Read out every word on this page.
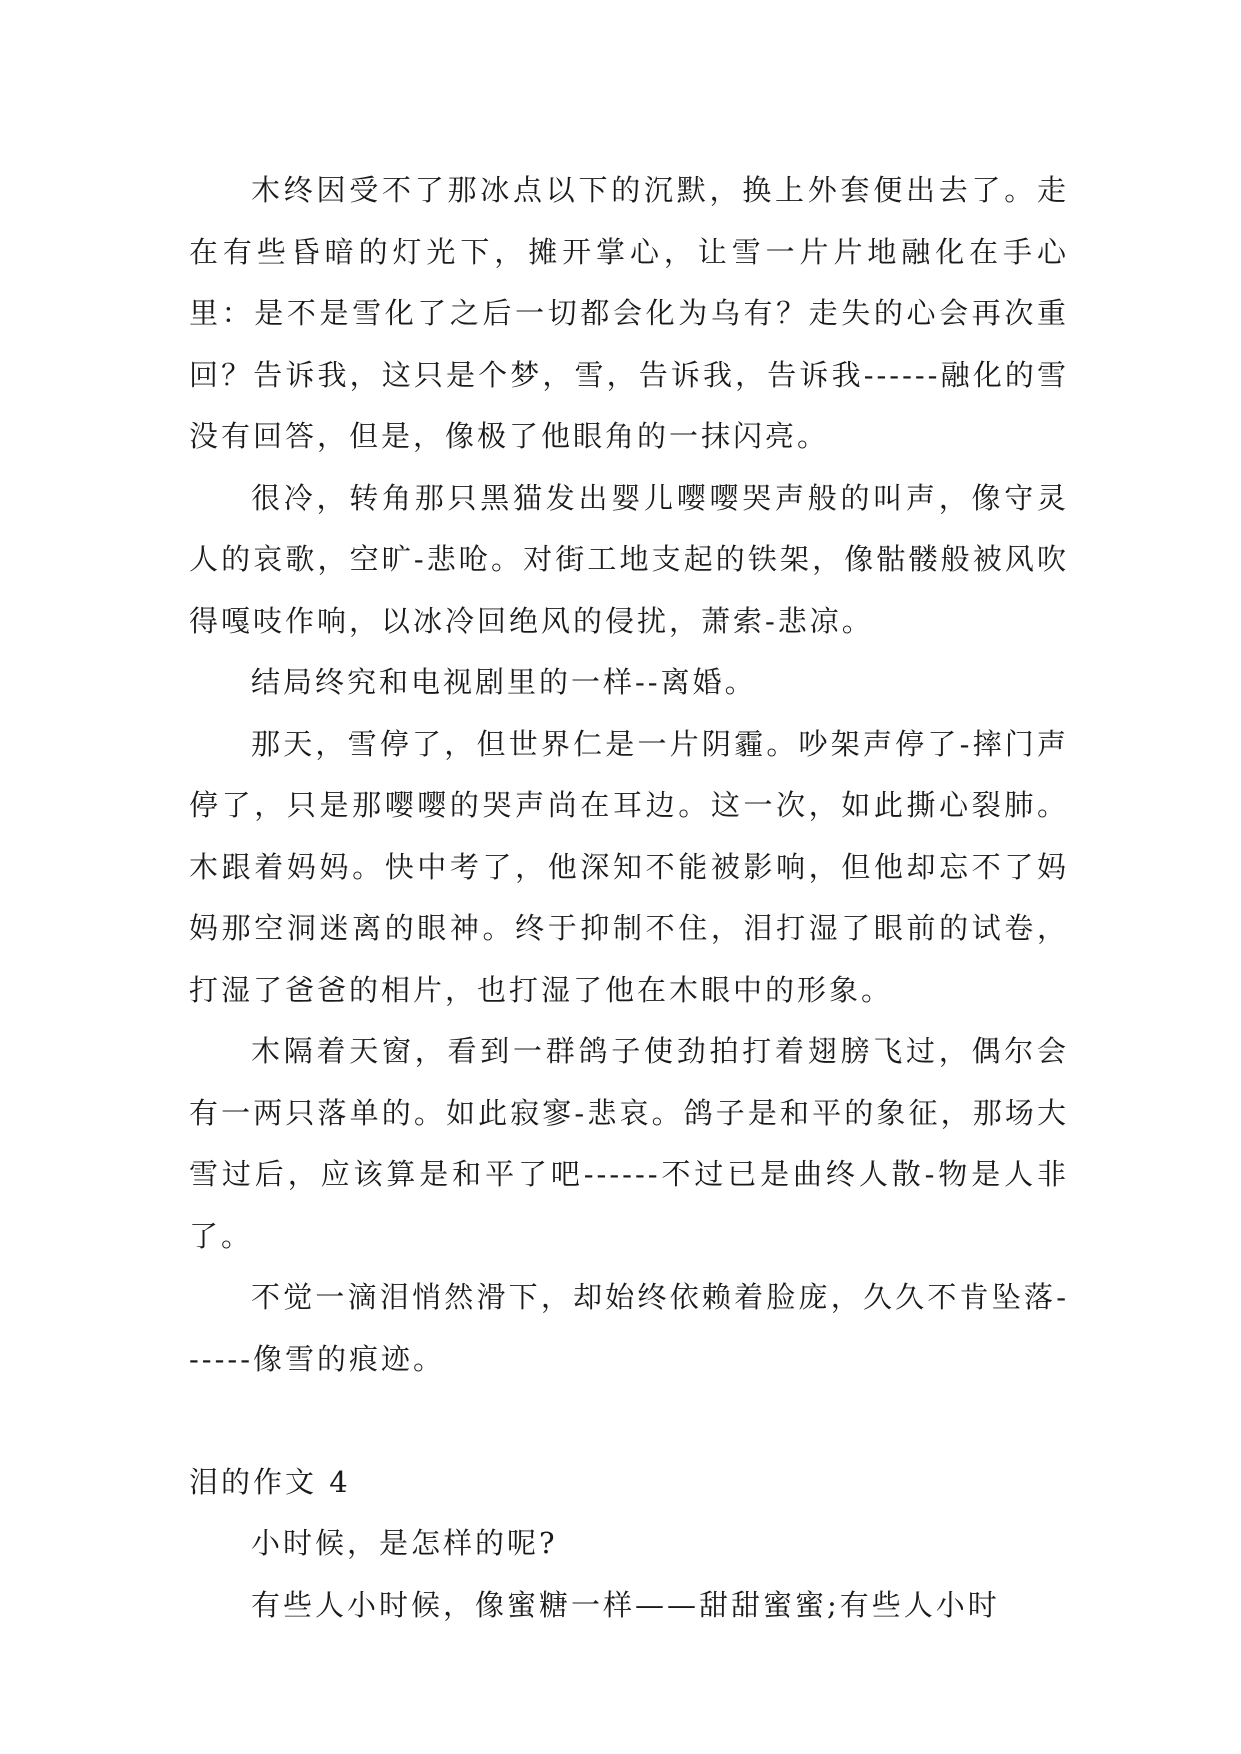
木终因受不了那冰点以下的沉默，换上外套便出去了。走在有些昏暗的灯光下，摊开掌心，让雪一片片地融化在手心里：是不是雪化了之后一切都会化为乌有？走失的心会再次重回？告诉我，这只是个梦，雪，告诉我，告诉我------融化的雪没有回答，但是，像极了他眼角的一抹闪亮。

很冷，转角那只黑猫发出婴儿嘤嘤哭声般的叫声，像守灵人的哀歌，空旷-悲呛。对街工地支起的铁架，像骷髅般被风吹得嘎吱作响，以冰冷回绝风的侵扰，萧索-悲凉。

结局终究和电视剧里的一样--离婚。

那天，雪停了，但世界仁是一片阴霾。吵架声停了-摔门声停了，只是那嘤嘤的哭声尚在耳边。这一次，如此撕心裂肺。木跟着妈妈。快中考了，他深知不能被影响，但他却忘不了妈妈那空洞迷离的眼神。终于抑制不住，泪打湿了眼前的试卷，打湿了爸爸的相片，也打湿了他在木眼中的形象。

木隔着天窗，看到一群鸽子使劲拍打着翅膀飞过，偶尔会有一两只落单的。如此寂寥-悲哀。鸽子是和平的象征，那场大雪过后，应该算是和平了吧------不过已是曲终人散-物是人非了。

不觉一滴泪悄然滑下，却始终依赖着脸庞，久久不肯坠落------像雪的痕迹。

泪的作文 4

小时候，是怎样的呢?

有些人小时候，像蜜糖一样——甜甜蜜蜜;有些人小时
